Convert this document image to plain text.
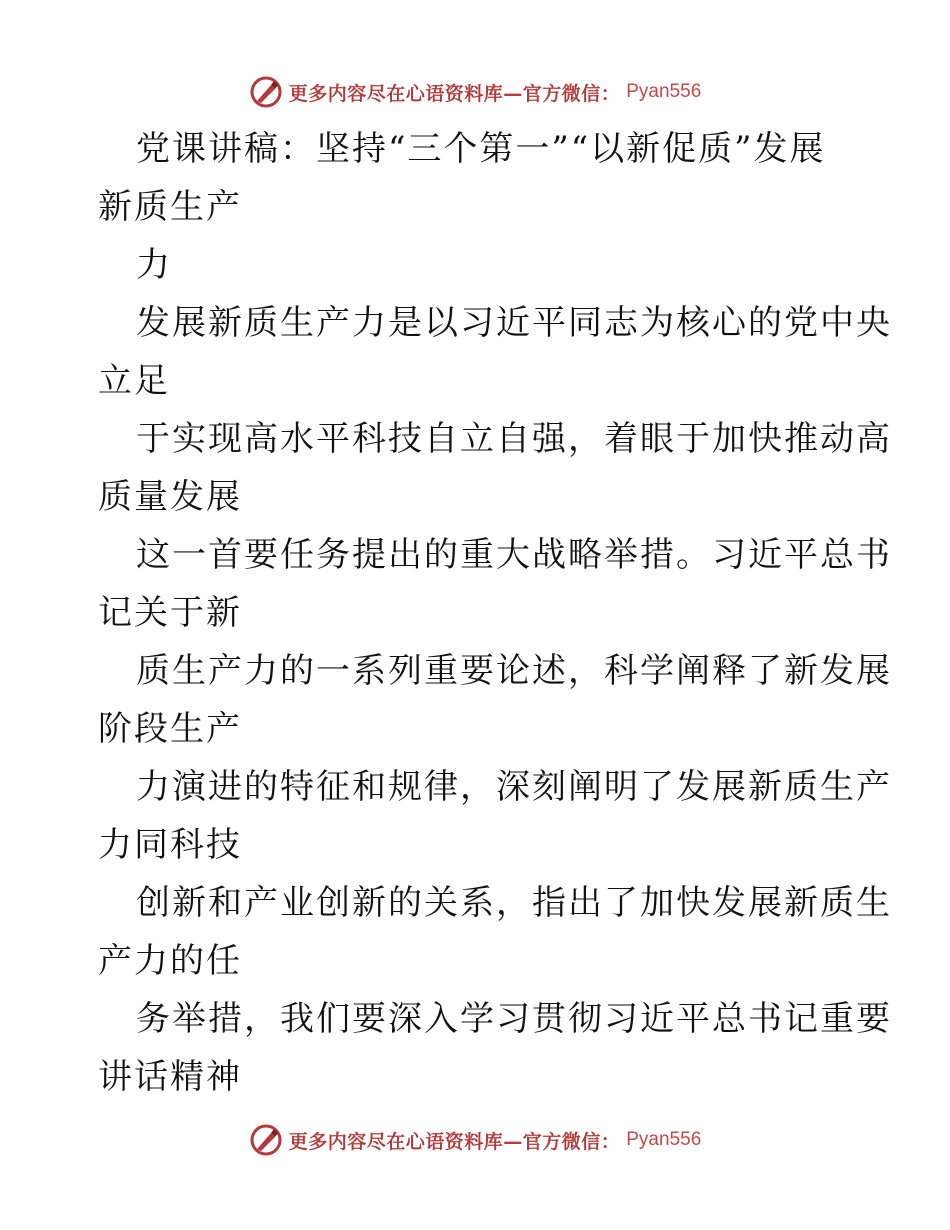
更多内容尽在心语资料库—官方微信： Pyan556
党课讲稿：坚持“三个第一”“以新促质”发展
新质生产
力
发展新质生产力是以习近平同志为核心的党中央
立足
于实现高水平科技自立自强，着眼于加快推动高
质量发展
这一首要任务提出的重大战略举措。习近平总书
记关于新
质生产力的一系列重要论述，科学阐释了新发展
阶段生产
力演进的特征和规律，深刻阐明了发展新质生产
力同科技
创新和产业创新的关系，指出了加快发展新质生
产力的任
务举措，我们要深入学习贯彻习近平总书记重要
讲话精神
更多内容尽在心语资料库—官方微信： Pyan556
